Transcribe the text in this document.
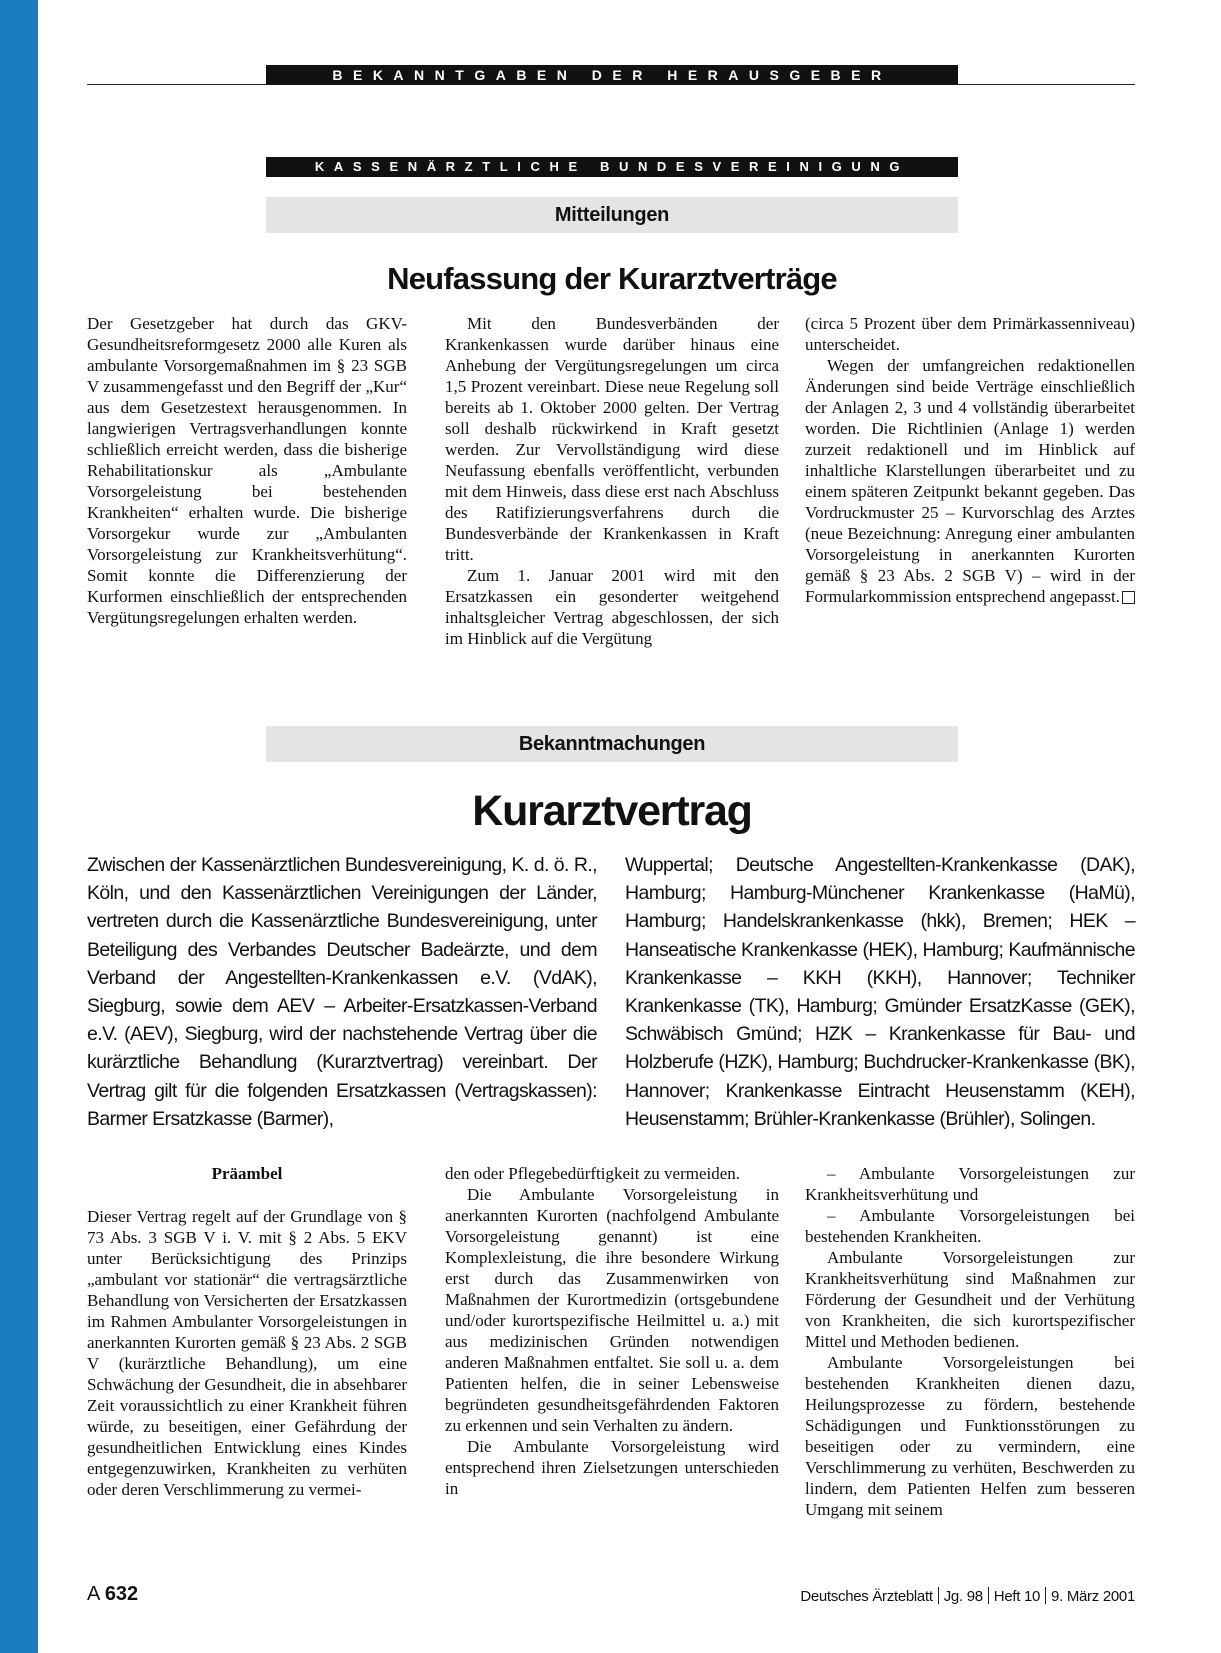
BEKANNTGABEN DER HERAUSGEBER
KASSENÄRZTLICHE BUNDESVEREINIGUNG
Mitteilungen
Neufassung der Kurarztverträge

Der Gesetzgeber hat durch das GKV-Gesundheitsreformgesetz 2000 alle Kuren als ambulante Vorsorgemaßnahmen im § 23 SGB V zusammengefasst und den Begriff der „Kur“ aus dem Gesetzestext herausgenommen. In langwierigen Vertragsverhandlungen konnte schließlich erreicht werden, dass die bisherige Rehabilitationskur als „Ambulante Vorsorgeleistung bei bestehenden Krankheiten“ erhalten wurde. Die bisherige Vorsorgekur wurde zur „Ambulanten Vorsorgeleistung zur Krankheitsverhütung“. Somit konnte die Differenzierung der Kurformen einschließlich der entsprechenden Vergütungsregelungen erhalten werden.

Mit den Bundesverbänden der Krankenkassen wurde darüber hinaus eine Anhebung der Vergütungsregelungen um circa 1,5 Prozent vereinbart. Diese neue Regelung soll bereits ab 1. Oktober 2000 gelten. Der Vertrag soll deshalb rückwirkend in Kraft gesetzt werden. Zur Vervollständigung wird diese Neufassung ebenfalls veröffentlicht, verbunden mit dem Hinweis, dass diese erst nach Abschluss des Ratifizierungsverfahrens durch die Bundesverbände der Krankenkassen in Kraft tritt.

Zum 1. Januar 2001 wird mit den Ersatzkassen ein gesonderter weitgehend inhaltsgleicher Vertrag abgeschlossen, der sich im Hinblick auf die Vergütung

(circa 5 Prozent über dem Primärkassenniveau) unterscheidet.

Wegen der umfangreichen redaktionellen Änderungen sind beide Verträge einschließlich der Anlagen 2, 3 und 4 vollständig überarbeitet worden. Die Richtlinien (Anlage 1) werden zurzeit redaktionell und im Hinblick auf inhaltliche Klarstellungen überarbeitet und zu einem späteren Zeitpunkt bekannt gegeben. Das Vordruckmuster 25 – Kurvorschlag des Arztes (neue Bezeichnung: Anregung einer ambulanten Vorsorgeleistung in anerkannten Kurorten gemäß § 23 Abs. 2 SGB V) – wird in der Formularkommission entsprechend angepasst.

Bekanntmachungen
Kurarztvertrag

Zwischen der Kassenärztlichen Bundesvereinigung, K. d. ö. R., Köln, und den Kassenärztlichen Vereinigungen der Länder, vertreten durch die Kassenärztliche Bundesvereinigung, unter Beteiligung des Verbandes Deutscher Badeärzte, und dem Verband der Angestellten-Krankenkassen e.V. (VdAK), Siegburg, sowie dem AEV – Arbeiter-Ersatzkassen-Verband e.V. (AEV), Siegburg, wird der nachstehende Vertrag über die kurärztliche Behandlung (Kurarztvertrag) vereinbart. Der Vertrag gilt für die folgenden Ersatzkassen (Vertragskassen): Barmer Ersatzkasse (Barmer),

Wuppertal; Deutsche Angestellten-Krankenkasse (DAK), Hamburg; Hamburg-Münchener Krankenkasse (HaMü), Hamburg; Handelskrankenkasse (hkk), Bremen; HEK – Hanseatische Krankenkasse (HEK), Hamburg; Kaufmännische Krankenkasse – KKH (KKH), Hannover; Techniker Krankenkasse (TK), Hamburg; Gmünder ErsatzKasse (GEK), Schwäbisch Gmünd; HZK – Krankenkasse für Bau- und Holzberufe (HZK), Hamburg; Buchdrucker-Krankenkasse (BK), Hannover; Krankenkasse Eintracht Heusenstamm (KEH), Heusenstamm; Brühler-Krankenkasse (Brühler), Solingen.

Präambel

Dieser Vertrag regelt auf der Grundlage von § 73 Abs. 3 SGB V i. V. mit § 2 Abs. 5 EKV unter Berücksichtigung des Prinzips „ambulant vor stationär“ die vertragsärztliche Behandlung von Versicherten der Ersatzkassen im Rahmen Ambulanter Vorsorgeleistungen in anerkannten Kurorten gemäß § 23 Abs. 2 SGB V (kurärztliche Behandlung), um eine Schwächung der Gesundheit, die in absehbarer Zeit voraussichtlich zu einer Krankheit führen würde, zu beseitigen, einer Gefährdung der gesundheitlichen Entwicklung eines Kindes entgegenzuwirken, Krankheiten zu verhüten oder deren Verschlimmerung zu vermei-

den oder Pflegebedürftigkeit zu vermeiden.

Die Ambulante Vorsorgeleistung in anerkannten Kurorten (nachfolgend Ambulante Vorsorgeleistung genannt) ist eine Komplexleistung, die ihre besondere Wirkung erst durch das Zusammenwirken von Maßnahmen der Kurortmedizin (ortsgebundene und/oder kurortspezifische Heilmittel u. a.) mit aus medizinischen Gründen notwendigen anderen Maßnahmen entfaltet. Sie soll u. a. dem Patienten helfen, die in seiner Lebensweise begründeten gesundheitsgefährdenden Faktoren zu erkennen und sein Verhalten zu ändern.

Die Ambulante Vorsorgeleistung wird entsprechend ihren Zielsetzungen unterschieden in

– Ambulante Vorsorgeleistungen zur Krankheitsverhütung und

– Ambulante Vorsorgeleistungen bei bestehenden Krankheiten.

Ambulante Vorsorgeleistungen zur Krankheitsverhütung sind Maßnahmen zur Förderung der Gesundheit und der Verhütung von Krankheiten, die sich kurortspezifischer Mittel und Methoden bedienen.

Ambulante Vorsorgeleistungen bei bestehenden Krankheiten dienen dazu, Heilungsprozesse zu fördern, bestehende Schädigungen und Funktionsstörungen zu beseitigen oder zu vermindern, eine Verschlimmerung zu verhüten, Beschwerden zu lindern, dem Patienten Helfen zum besseren Umgang mit seinem

A 632	Deutsches Ärzteblatt Jg. 98 Heft 10 9. März 2001
